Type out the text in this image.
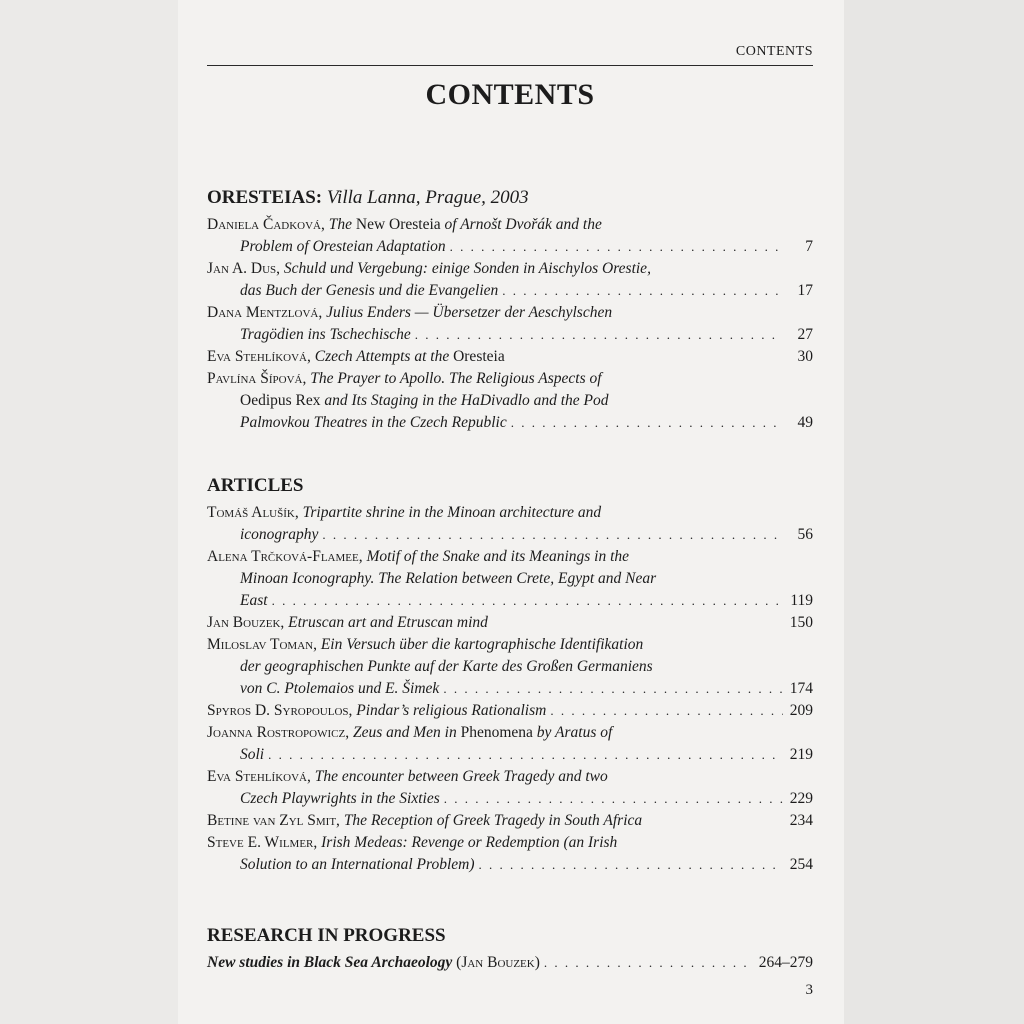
CONTENTS
CONTENTS
ORESTEIAS: Villa Lanna, Prague, 2003
Daniela Čadková, The New Oresteia of Arnošt Dvořák and the
Problem of Oresteian Adaptation . . .	7
Jan A. Dus, Schuld und Vergebung: einige Sonden in Aischylos Orestie,
das Buch der Genesis und die Evangelien . . .	17
Dana Mentzlová, Julius Enders — Übersetzer der Aeschylschen
Tragödien ins Tschechische . . .	27
Eva Stehlíková, Czech Attempts at the Oresteia	30
Pavlína Šípová, The Prayer to Apollo. The Religious Aspects of
Oedipus Rex and Its Staging in the HaDivadlo and the Pod
Palmovkou Theatres in the Czech Republic . . .	49
ARTICLES
Tomáš Alušík, Tripartite shrine in the Minoan architecture and
iconography . . .	56
Alena Trčková-Flamee, Motif of the Snake and its Meanings in the
Minoan Iconography. The Relation between Crete, Egypt and Near
East . . .	119
Jan Bouzek, Etruscan art and Etruscan mind	150
Miloslav Toman, Ein Versuch über die kartographische Identifikation
der geographischen Punkte auf der Karte des Großen Germaniens
von C. Ptolemaios und E. Šimek . . .	174
Spyros D. Syropoulos, Pindar’s religious Rationalism . . .	209
Joanna Rostropowicz, Zeus and Men in Phenomena by Aratus of
Soli . . .	219
Eva Stehlíková, The encounter between Greek Tragedy and two
Czech Playwrights in the Sixties . . .	229
Betine van Zyl Smit, The Reception of Greek Tragedy in South Africa	234
Steve E. Wilmer, Irish Medeas: Revenge or Redemption (an Irish
Solution to an International Problem) . . .	254
RESEARCH IN PROGRESS
New studies in Black Sea Archaeology (Jan Bouzek) . . .	264–279
3
